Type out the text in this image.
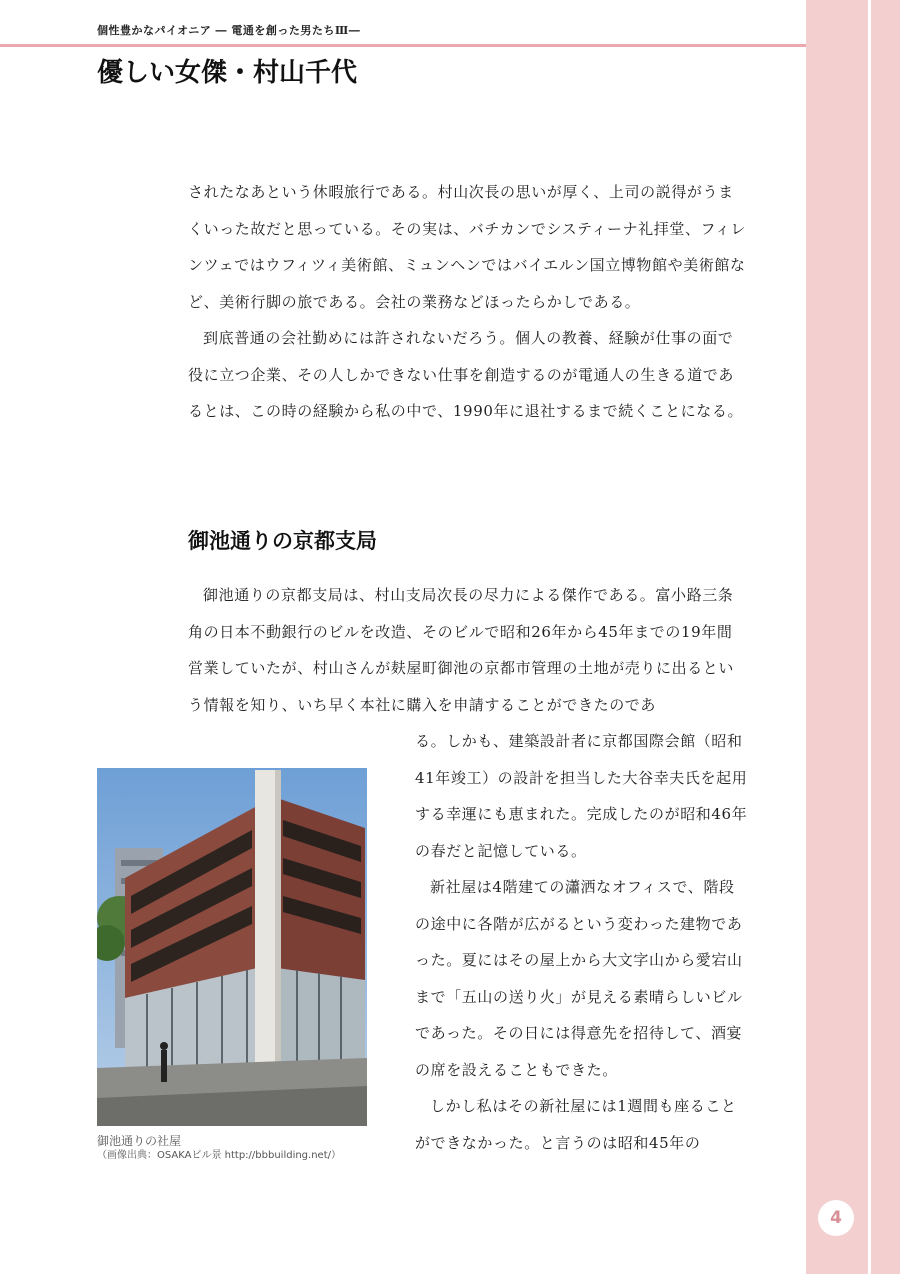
4
個性豊かなパイオニア ― 電通を創った男たちⅢ―
優しい女傑・村山千代

されたなあという休暇旅行である。村山次長の思いが厚く、上司の説得がうまくいった故だと思っている。その実は、バチカンでシスティーナ礼拝堂、フィレンツェではウフィツィ美術館、ミュンヘンではバイエルン国立博物館や美術館など、美術行脚の旅である。会社の業務などほったらかしである。

到底普通の会社勤めには許されないだろう。個人の教養、経験が仕事の面で役に立つ企業、その人しかできない仕事を創造するのが電通人の生きる道であるとは、この時の経験から私の中で、1990年に退社するまで続くことになる。

御池通りの京都支局

御池通りの京都支局は、村山支局次長の尽力による傑作である。富小路三条角の日本不動銀行のビルを改造、そのビルで昭和26年から45年までの19年間営業していたが、村山さんが麸屋町御池の京都市管理の土地が売りに出るという情報を知り、いち早く本社に購入を申請することができたのであ

る。しかも、建築設計者に京都国際会館（昭和41年竣工）の設計を担当した大谷幸夫氏を起用する幸運にも恵まれた。完成したのが昭和46年の春だと記憶している。

新社屋は4階建ての瀟洒なオフィスで、階段の途中に各階が広がるという変わった建物であった。夏にはその屋上から大文字山から愛宕山まで「五山の送り火」が見える素晴らしいビルであった。その日には得意先を招待して、酒宴の席を設えることもできた。

しかし私はその新社屋には1週間も座ることができなかった。と言うのは昭和45年の

御池通りの社屋
（画像出典：OSAKAビル景 http://bbbuilding.net/）
